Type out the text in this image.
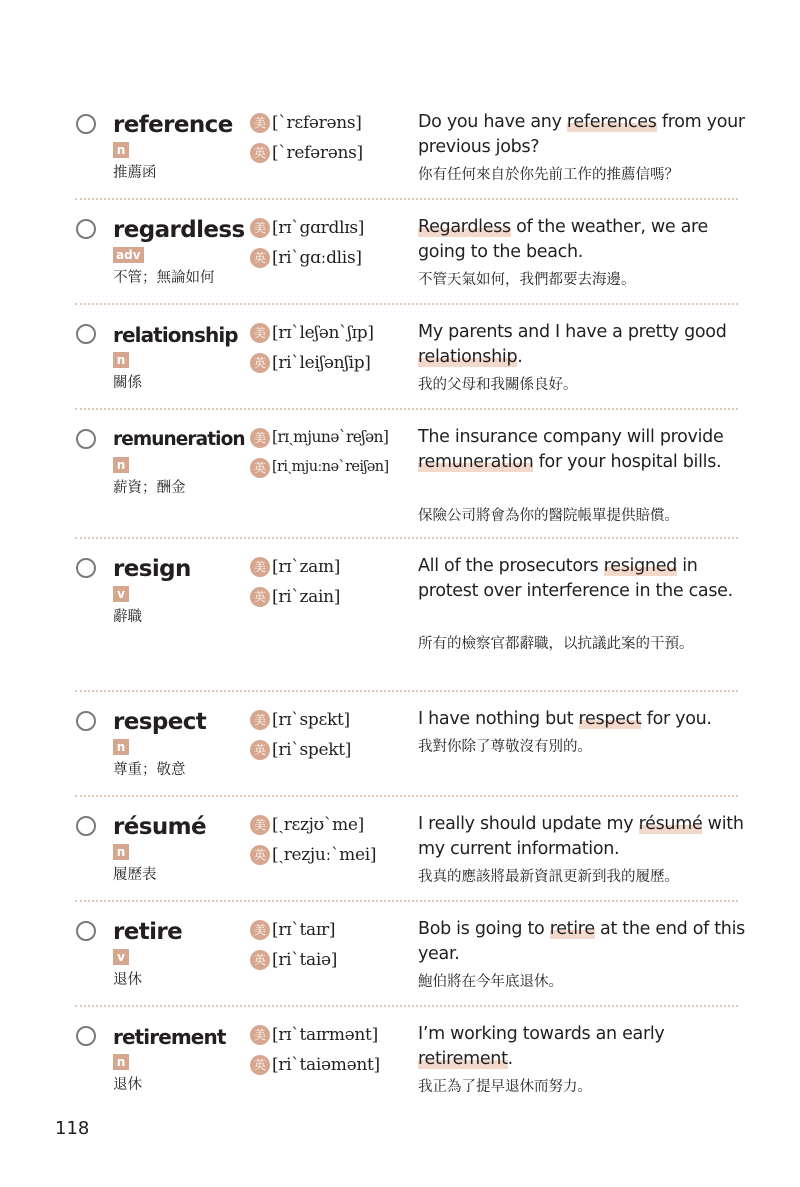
reference
n
推薦函
美 [ˋrɛfərəns]
英 [ˋrefərəns]
Do you have any references from your previous jobs?
你有任何來自於你先前工作的推薦信嗎？
regardless
adv
不管；無論如何
美 [rɪˋgɑrdlɪs]
英 [riˋgɑːdlis]
Regardless of the weather, we are going to the beach.
不管天氣如何，我們都要去海邊。
relationship
n
關係
美 [rɪˋleʃənˋʃɪp]
英 [riˋleiʃənʃip]
My parents and I have a pretty good relationship.
我的父母和我關係良好。
remuneration
n
薪資；酬金
美 [rɪˏmjunəˋreʃən]
英 [riˏmjuːnəˋreiʃən]
The insurance company will provide remuneration for your hospital bills.
保險公司將會為你的醫院帳單提供賠償。
resign
v
辭職
美 [rɪˋzaɪn]
英 [riˋzain]
All of the prosecutors resigned in protest over interference in the case.
所有的檢察官都辭職，以抗議此案的干預。
respect
n
尊重；敬意
美 [rɪˋspɛkt]
英 [riˋspekt]
I have nothing but respect for you.
我對你除了尊敬沒有別的。
résumé
n
履歷表
美 [ˏrɛzjʊˋme]
英 [ˏrezjuːˋmei]
I really should update my résumé with my current information.
我真的應該將最新資訊更新到我的履歷。
retire
v
退休
美 [rɪˋtaɪr]
英 [riˋtaiə]
Bob is going to retire at the end of this year.
鮑伯將在今年底退休。
retirement
n
退休
美 [rɪˋtaɪrmənt]
英 [riˋtaiəmənt]
I’m working towards an early retirement.
我正為了提早退休而努力。
118
